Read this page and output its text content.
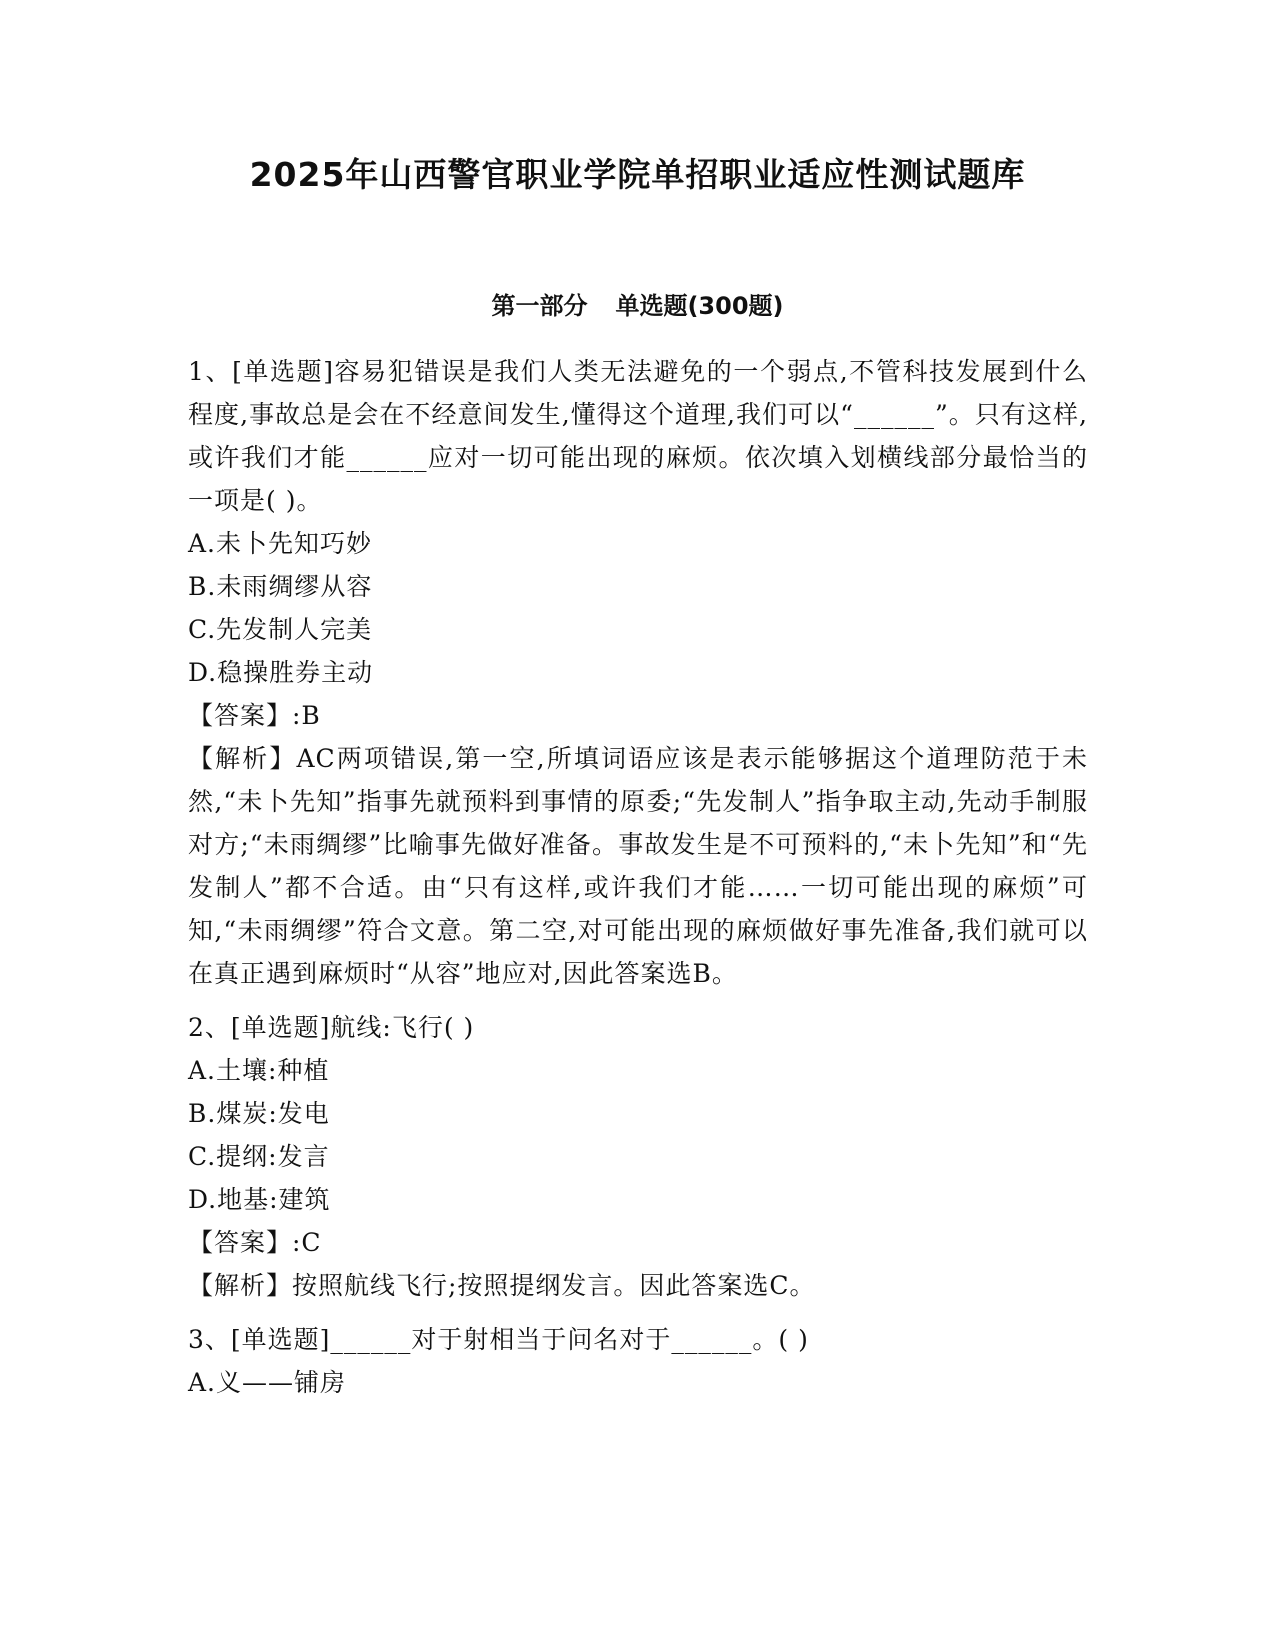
2025年山西警官职业学院单招职业适应性测试题库
第一部分 单选题(300题)

1、[单选题]容易犯错误是我们人类无法避免的一个弱点,不管科技发展到什么程度,事故总是会在不经意间发生,懂得这个道理,我们可以“______”。只有这样,或许我们才能______应对一切可能出现的麻烦。依次填入划横线部分最恰当的一项是( )。

A.未卜先知巧妙

B.未雨绸缪从容

C.先发制人完美

D.稳操胜券主动

【答案】:B

【解析】AC两项错误,第一空,所填词语应该是表示能够据这个道理防范于未然,“未卜先知”指事先就预料到事情的原委;“先发制人”指争取主动,先动手制服对方;“未雨绸缪”比喻事先做好准备。事故发生是不可预料的,“未卜先知”和“先发制人”都不合适。由“只有这样,或许我们才能……一切可能出现的麻烦”可知,“未雨绸缪”符合文意。第二空,对可能出现的麻烦做好事先准备,我们就可以在真正遇到麻烦时“从容”地应对,因此答案选B。

2、[单选题]航线:飞行( )

A.土壤:种植

B.煤炭:发电

C.提纲:发言

D.地基:建筑

【答案】:C

【解析】按照航线飞行;按照提纲发言。因此答案选C。

3、[单选题]______对于射相当于问名对于______。( )

A.义——铺房
